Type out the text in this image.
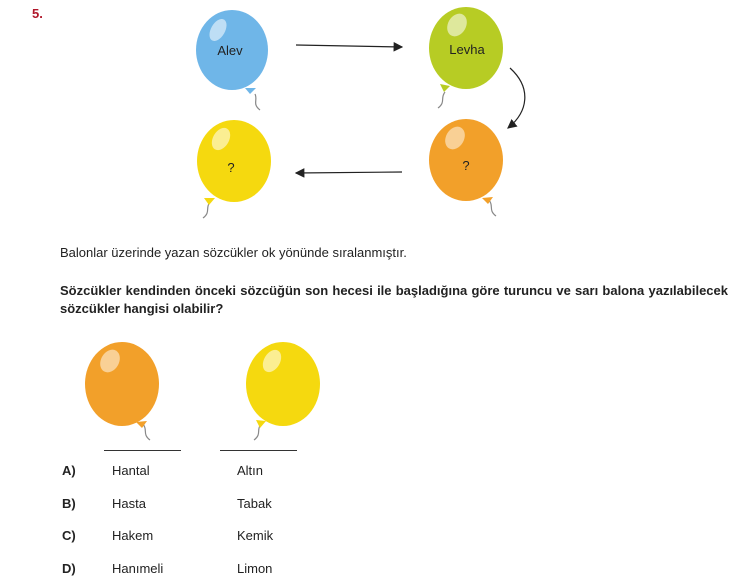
5.
Alev	Levha
?
?
Balonlar üzerinde yazan sözcükler ok yönünde sıralanmıştır.
Sözcükler kendinden önceki sözcüğün son hecesi ile başladığına göre turuncu ve sarı balona yazılabilecek sözcükler hangisi olabilir?
A)	Hantal	Altın
B)	Hasta	Tabak
C)	Hakem	Kemik
D)	Hanımeli	Limon
